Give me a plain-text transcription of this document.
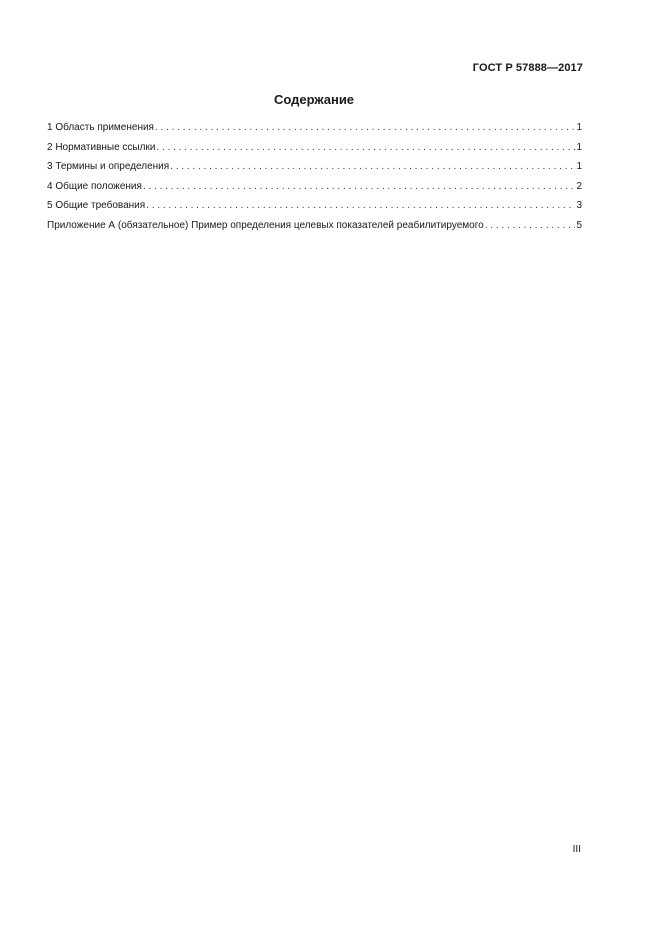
ГОСТ Р 57888—2017
Содержание
1 Область применения . . .	1
2 Нормативные ссылки . . .	1
3 Термины и определения . . .	1
4 Общие положения . . .	2
5 Общие требования . . .	3
Приложение А (обязательное) Пример определения целевых показателей реабилитируемого . . .	5
III
